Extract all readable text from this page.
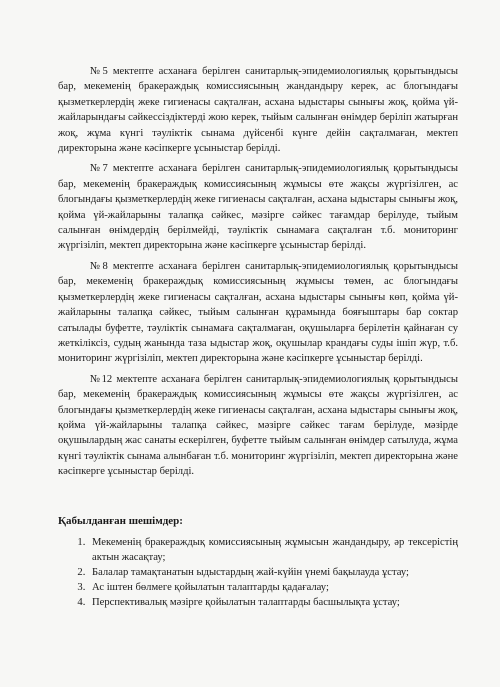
№5 мектепте асханаға берілген санитарлық-эпидемиологиялық қорытындысы бар, мекеменің бракераждық комиссиясының жандандыру керек, ас блогындағы қызметкерлердің жеке гигиенасы сақталған, асхана ыдыстары сынығы жоқ, қойма үй-жайларындағы сәйкессіздіктерді жою керек, тыйым салынған өнімдер беріліп жатырған жоқ, жұма күнгі тәуліктік сынама дүйсенбі күнге дейін сақталмаған, мектеп директорына және кәсіпкерге ұсыныстар берілді.

№7 мектепте асханаға берілген санитарлық-эпидемиологиялық қорытындысы бар, мекеменің бракераждық комиссиясының жұмысы өте жақсы жүргізілген, ас блогындағы қызметкерлердің жеке гигиенасы сақталған, асхана ыдыстары сынығы жоқ, қойма үй-жайларыны талапқа сәйкес, мәзірге сәйкес тағамдар берілуде, тыйым салынған өнімдердің берілмейді, тәуліктік сынамаға сақталған т.б. мониторинг жүргізіліп, мектеп директорына және кәсіпкерге ұсыныстар берілді.

№8 мектепте асханаға берілген санитарлық-эпидемиологиялық қорытындысы бар, мекеменің бракераждық комиссиясының жұмысы төмен, ас блогындағы қызметкерлердің жеке гигиенасы сақталған, асхана ыдыстары сынығы көп, қойма үй-жайларыны талапқа сәйкес, тыйым салынған құрамында бояғыштары бар соктар сатылады буфетте, тәуліктік сынамаға сақталмаған, оқушыларға берілетін қайнаған су жеткіліксіз, судың жанында таза ыдыстар жоқ, оқушылар крандағы суды ішіп жүр, т.б. мониторинг жүргізіліп, мектеп директорына және кәсіпкерге ұсыныстар берілді.

№12 мектепте асханаға берілген санитарлық-эпидемиологиялық қорытындысы бар, мекеменің бракераждық комиссиясының жұмысы өте жақсы жүргізілген, ас блогындағы қызметкерлердің жеке гигиенасы сақталған, асхана ыдыстары сынығы жоқ, қойма үй-жайларыны талапқа сәйкес, мәзірге сәйкес тағам берілуде, мәзірде оқушылардың жас санаты ескерілген, буфетте тыйым салынған өнімдер сатылуда, жұма күнгі тәуліктік сынама алынбаған т.б. мониторинг жүргізіліп, мектеп директорына және кәсіпкерге ұсыныстар берілді.

Қабылданған шешімдер:
1. Мекеменің бракераждық комиссиясының жұмысын жандандыру, әр тексерістің актын жасақтау;
2. Балалар тамақтанатын ыдыстардың жай-күйін үнемі бақылауда ұстау;
3. Ас іштен бөлмеге қойылатын талаптарды қадағалау;
4. Перспективалық мәзірге қойылатын талаптарды басшылықта ұстау;
